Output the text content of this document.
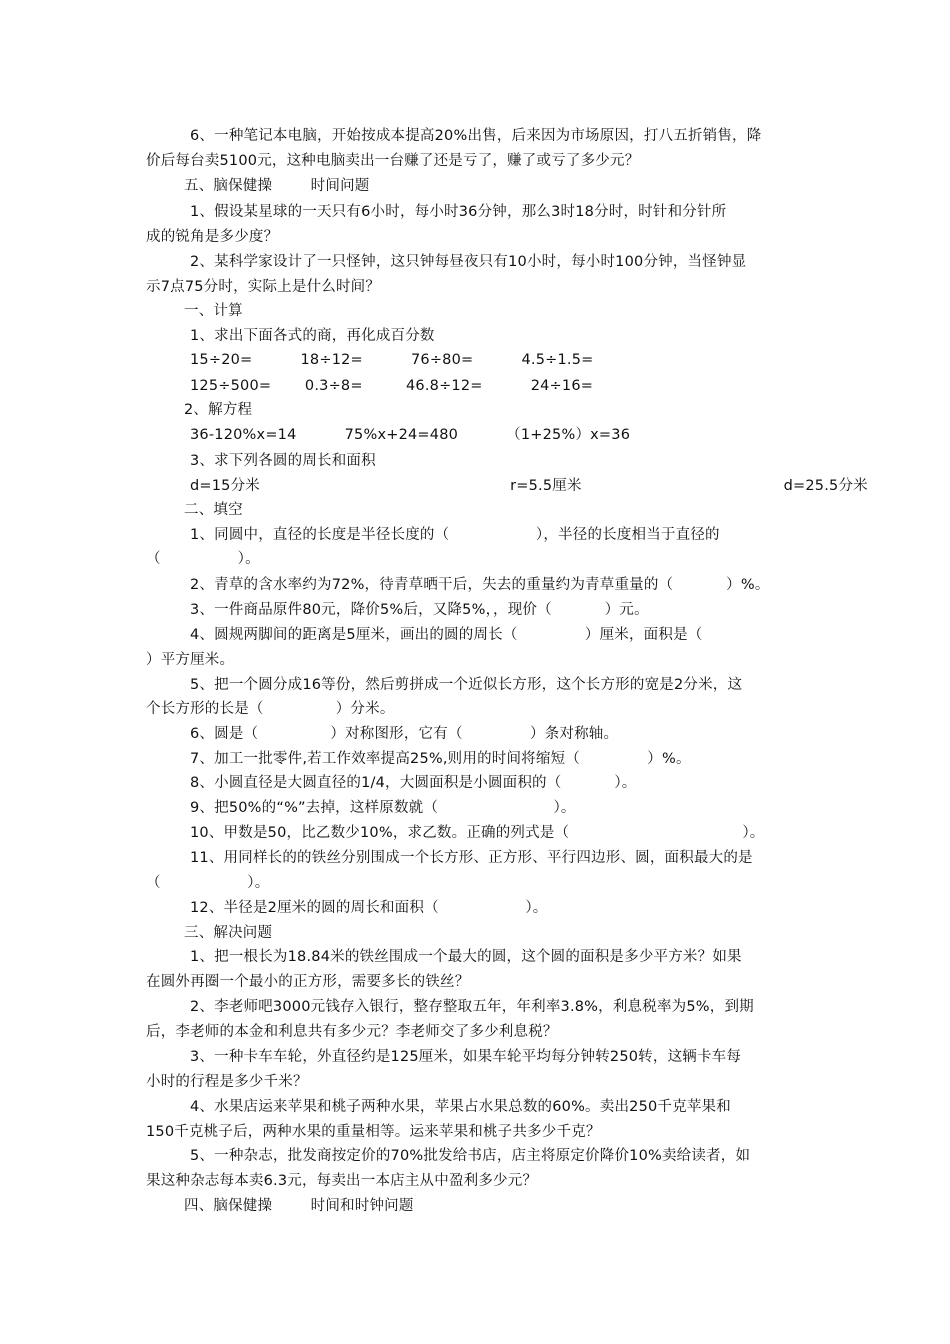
6、一种笔记本电脑，开始按成本提高20%出售，后来因为市场原因，打八五折销售，降
价后每台卖5100元，这种电脑卖出一台赚了还是亏了，赚了或亏了多少元？
五、脑保健操        时间问题
1、假设某星球的一天只有6小时，每小时36分钟，那么3时18分时，时针和分针所
成的锐角是多少度？
2、某科学家设计了一只怪钟，这只钟每昼夜只有10小时，每小时100分钟，当怪钟显
示7点75分时，实际上是什么时间？
一、计算
1、求出下面各式的商，再化成百分数
15÷20=          18÷12=          76÷80=          4.5÷1.5=
125÷500=       0.3÷8=         46.8÷12=          24÷16=
2、解方程
36-120%x=14          75%x+24=480          （1+25%）x=36
3、求下列各圆的周长和面积
d=15分米                                                    r=5.5厘米                                          d=25.5分米
二、填空
1、同圆中，直径的长度是半径长度的（                  ），半径的长度相当于直径的
（                ）。
2、青草的含水率约为72%，待青草晒干后，失去的重量约为青草重量的（           ）%。
3、一件商品原件80元，降价5%后，又降5%，，现价（           ）元。
4、圆规两脚间的距离是5厘米，画出的圆的周长（              ）厘米，面积是（
）平方厘米。
5、把一个圆分成16等份，然后剪拼成一个近似长方形，这个长方形的宽是2分米，这
个长方形的长是（               ）分米。
6、圆是（               ）对称图形，它有（              ）条对称轴。
7、加工一批零件,若工作效率提高25%,则用的时间将缩短（              ）%。
8、小圆直径是大圆直径的1/4，大圆面积是小圆面积的（           ）。
9、把50%的“%”去掉，这样原数就（                        ）。
10、甲数是50，比乙数少10%，求乙数。正确的列式是（                                    ）。
11、用同样长的的铁丝分别围成一个长方形、正方形、平行四边形、圆，面积最大的是
（                  ）。
12、半径是2厘米的圆的周长和面积（                  ）。
三、解决问题
1、把一根长为18.84米的铁丝围成一个最大的圆，这个圆的面积是多少平方米？如果
在圆外再圈一个最小的正方形，需要多长的铁丝？
2、李老师吧3000元钱存入银行，整存整取五年，年利率3.8%，利息税率为5%，到期
后，李老师的本金和利息共有多少元？李老师交了多少利息税？
3、一种卡车车轮，外直径约是125厘米，如果车轮平均每分钟转250转，这辆卡车每
小时的行程是多少千米？
4、水果店运来苹果和桃子两种水果，苹果占水果总数的60%。卖出250千克苹果和
150千克桃子后，两种水果的重量相等。运来苹果和桃子共多少千克？
5、一种杂志，批发商按定价的70%批发给书店，店主将原定价降价10%卖给读者，如
果这种杂志每本卖6.3元，每卖出一本店主从中盈利多少元？
四、脑保健操        时间和时钟问题
